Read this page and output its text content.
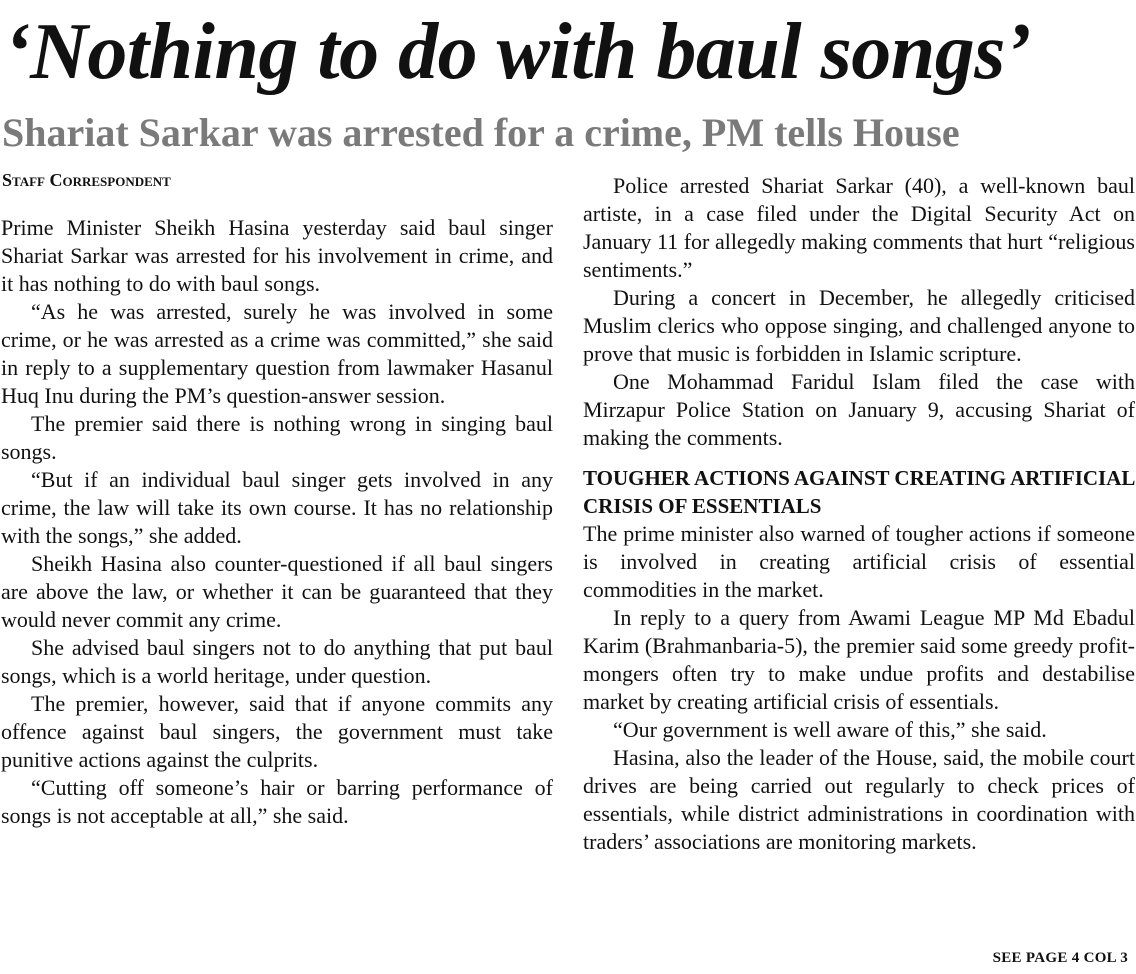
‘Nothing to do with baul songs’
Shariat Sarkar was arrested for a crime, PM tells House
Staff Correspondent

Prime Minister Sheikh Hasina yesterday said baul singer Shariat Sarkar was arrested for his involvement in crime, and it has nothing to do with baul songs.

“As he was arrested, surely he was involved in some crime, or he was arrested as a crime was committed,” she said in reply to a supplementary question from lawmaker Hasanul Huq Inu during the PM’s question-answer session.

The premier said there is nothing wrong in singing baul songs.

“But if an individual baul singer gets involved in any crime, the law will take its own course. It has no relationship with the songs,” she added.

Sheikh Hasina also counter-questioned if all baul singers are above the law, or whether it can be guaranteed that they would never commit any crime.

She advised baul singers not to do anything that put baul songs, which is a world heritage, under question.

The premier, however, said that if anyone commits any offence against baul singers, the government must take punitive actions against the culprits.

“Cutting off someone’s hair or barring performance of songs is not acceptable at all,” she said.

Police arrested Shariat Sarkar (40), a well-known baul artiste, in a case filed under the Digital Security Act on January 11 for allegedly making comments that hurt “religious sentiments.”

During a concert in December, he allegedly criticised Muslim clerics who oppose singing, and challenged anyone to prove that music is forbidden in Islamic scripture.

One Mohammad Faridul Islam filed the case with Mirzapur Police Station on January 9, accusing Shariat of making the comments.

TOUGHER ACTIONS AGAINST CREATING ARTIFICIAL CRISIS OF ESSENTIALS

The prime minister also warned of tougher actions if someone is involved in creating artificial crisis of essential commodities in the market.

In reply to a query from Awami League MP Md Ebadul Karim (Brahmanbaria-5), the premier said some greedy profit-mongers often try to make undue profits and destabilise market by creating artificial crisis of essentials.

“Our government is well aware of this,” she said.

Hasina, also the leader of the House, said, the mobile court drives are being carried out regularly to check prices of essentials, while district administrations in coordination with traders’ associations are monitoring markets.

SEE PAGE 4 COL 3
